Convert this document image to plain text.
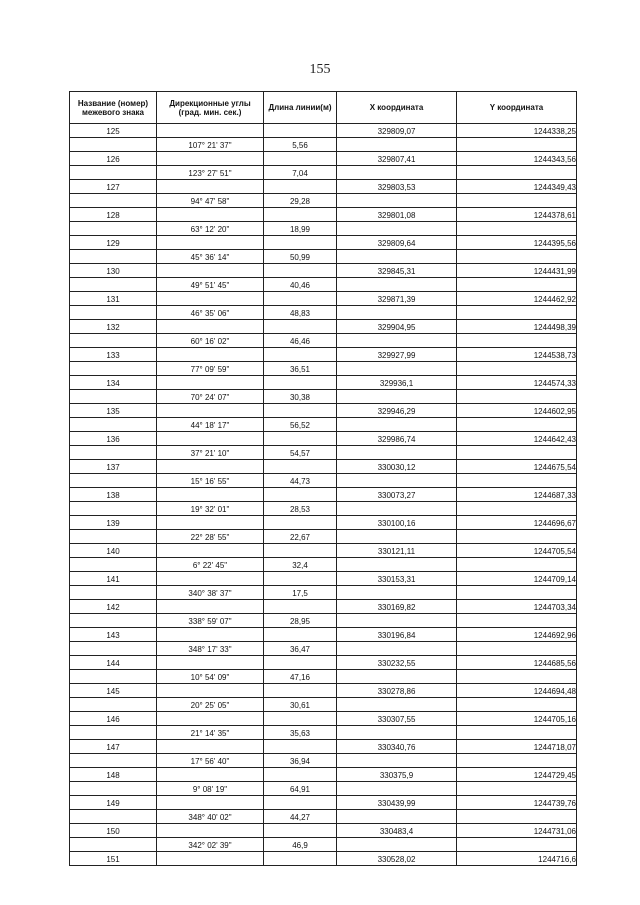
155
Название (номер) межевого знака	Дирекционные углы (град. мин. сек.)	Длина линии(м)	X координата	Y координата
125			329809,07	1244338,25
	107° 21' 37"	5,56		
126			329807,41	1244343,56
	123° 27' 51"	7,04		
127			329803,53	1244349,43
	94° 47' 58"	29,28		
128			329801,08	1244378,61
	63° 12' 20"	18,99		
129			329809,64	1244395,56
	45° 36' 14"	50,99		
130			329845,31	1244431,99
	49° 51' 45"	40,46		
131			329871,39	1244462,92
	46° 35' 06"	48,83		
132			329904,95	1244498,39
	60° 16' 02"	46,46		
133			329927,99	1244538,73
	77° 09' 59"	36,51		
134			329936,1	1244574,33
	70° 24' 07"	30,38		
135			329946,29	1244602,95
	44° 18' 17"	56,52		
136			329986,74	1244642,43
	37° 21' 10"	54,57		
137			330030,12	1244675,54
	15° 16' 55"	44,73		
138			330073,27	1244687,33
	19° 32' 01"	28,53		
139			330100,16	1244696,67
	22° 28' 55"	22,67		
140			330121,11	1244705,54
	6° 22' 45"	32,4		
141			330153,31	1244709,14
	340° 38' 37"	17,5		
142			330169,82	1244703,34
	338° 59' 07"	28,95		
143			330196,84	1244692,96
	348° 17' 33"	36,47		
144			330232,55	1244685,56
	10° 54' 09"	47,16		
145			330278,86	1244694,48
	20° 25' 05"	30,61		
146			330307,55	1244705,16
	21° 14' 35"	35,63		
147			330340,76	1244718,07
	17° 56' 40"	36,94		
148			330375,9	1244729,45
	9° 08' 19"	64,91		
149			330439,99	1244739,76
	348° 40' 02"	44,27		
150			330483,4	1244731,06
	342° 02' 39"	46,9		
151			330528,02	1244716,6
